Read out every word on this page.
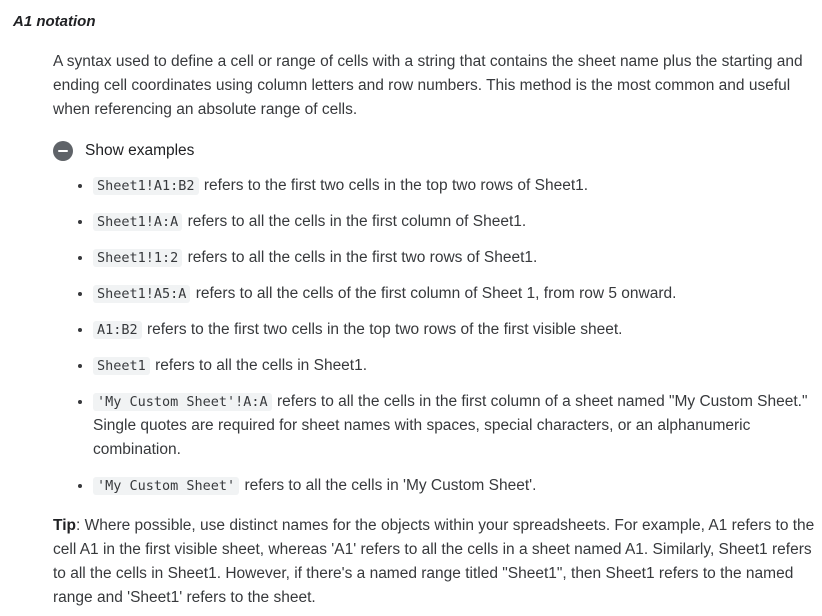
A1 notation

A syntax used to define a cell or range of cells with a string that contains the sheet name plus the starting and ending cell coordinates using column letters and row numbers. This method is the most common and useful when referencing an absolute range of cells.

Show examples
• Sheet1!A1:B2 refers to the first two cells in the top two rows of Sheet1.
• Sheet1!A:A refers to all the cells in the first column of Sheet1.
• Sheet1!1:2 refers to all the cells in the first two rows of Sheet1.
• Sheet1!A5:A refers to all the cells of the first column of Sheet 1, from row 5 onward.
• A1:B2 refers to the first two cells in the top two rows of the first visible sheet.
• Sheet1 refers to all the cells in Sheet1.
• 'My Custom Sheet'!A:A refers to all the cells in the first column of a sheet named "My Custom Sheet." Single quotes are required for sheet names with spaces, special characters, or an alphanumeric combination.
• 'My Custom Sheet' refers to all the cells in 'My Custom Sheet'.

Tip: Where possible, use distinct names for the objects within your spreadsheets. For example, A1 refers to the cell A1 in the first visible sheet, whereas 'A1' refers to all the cells in a sheet named A1. Similarly, Sheet1 refers to all the cells in Sheet1. However, if there's a named range titled "Sheet1", then Sheet1 refers to the named range and 'Sheet1' refers to the sheet.
